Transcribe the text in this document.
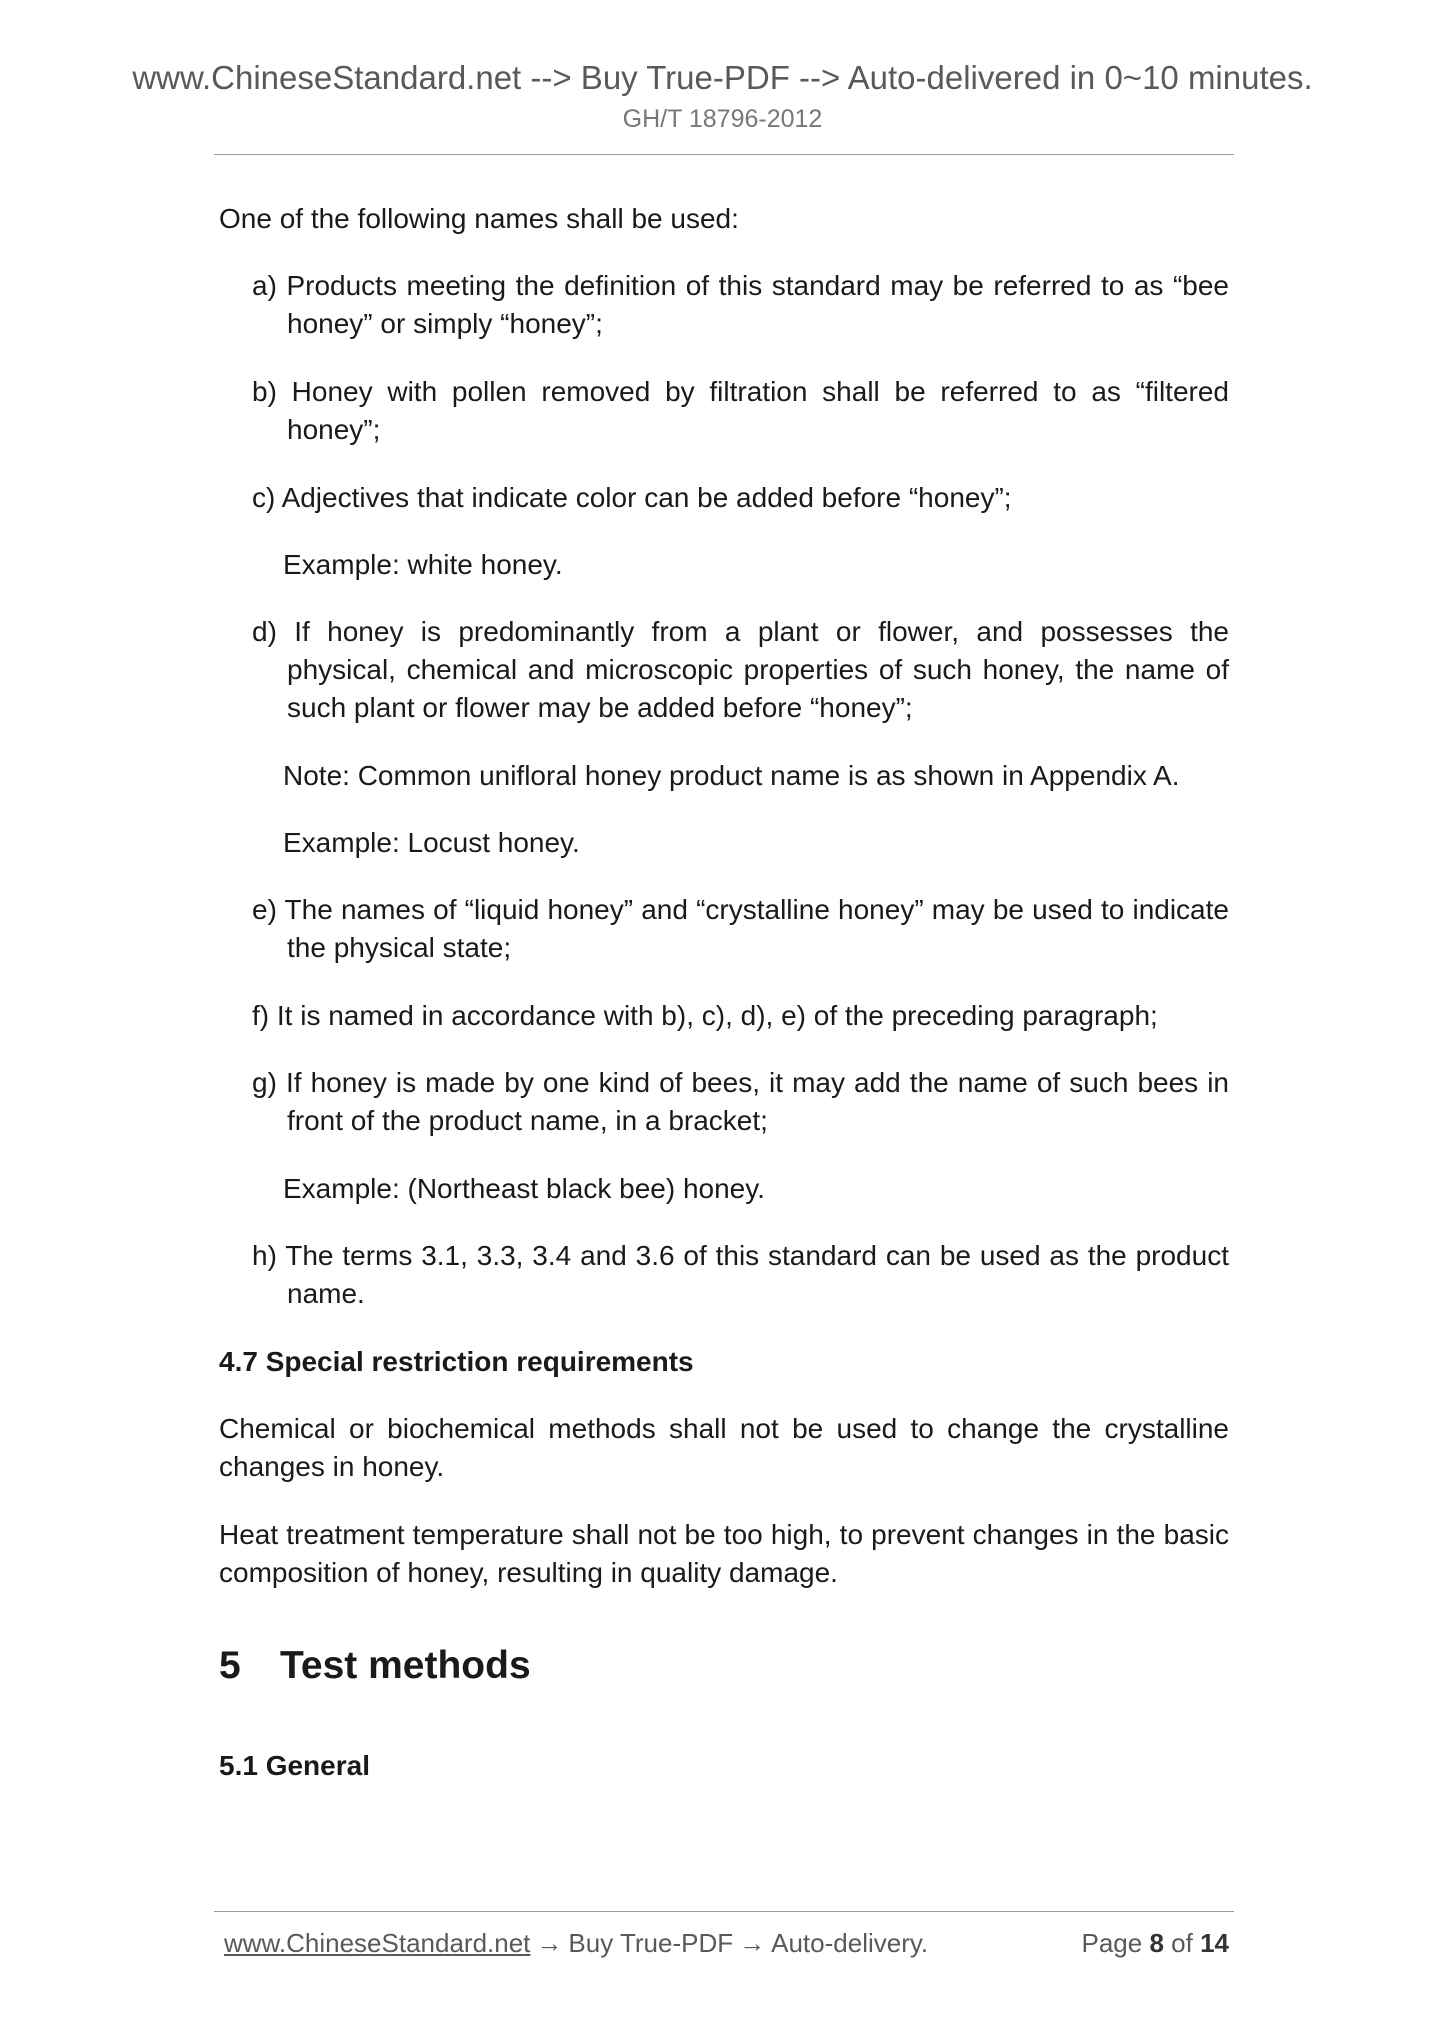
www.ChineseStandard.net --> Buy True-PDF --> Auto-delivered in 0~10 minutes.
GH/T 18796-2012

One of the following names shall be used:

a) Products meeting the definition of this standard may be referred to as “bee honey” or simply “honey”;

b) Honey with pollen removed by filtration shall be referred to as “filtered honey”;

c) Adjectives that indicate color can be added before “honey”;

Example: white honey.

d) If honey is predominantly from a plant or flower, and possesses the physical, chemical and microscopic properties of such honey, the name of such plant or flower may be added before “honey”;

Note: Common unifloral honey product name is as shown in Appendix A.

Example: Locust honey.

e) The names of “liquid honey” and “crystalline honey” may be used to indicate the physical state;

f) It is named in accordance with b), c), d), e) of the preceding paragraph;

g) If honey is made by one kind of bees, it may add the name of such bees in front of the product name, in a bracket;

Example: (Northeast black bee) honey.

h) The terms 3.1, 3.3, 3.4 and 3.6 of this standard can be used as the product name.

4.7 Special restriction requirements

Chemical or biochemical methods shall not be used to change the crystalline changes in honey.

Heat treatment temperature shall not be too high, to prevent changes in the basic composition of honey, resulting in quality damage.

5 Test methods

5.1 General

www.ChineseStandard.net → Buy True-PDF → Auto-delivery.	Page 8 of 14
